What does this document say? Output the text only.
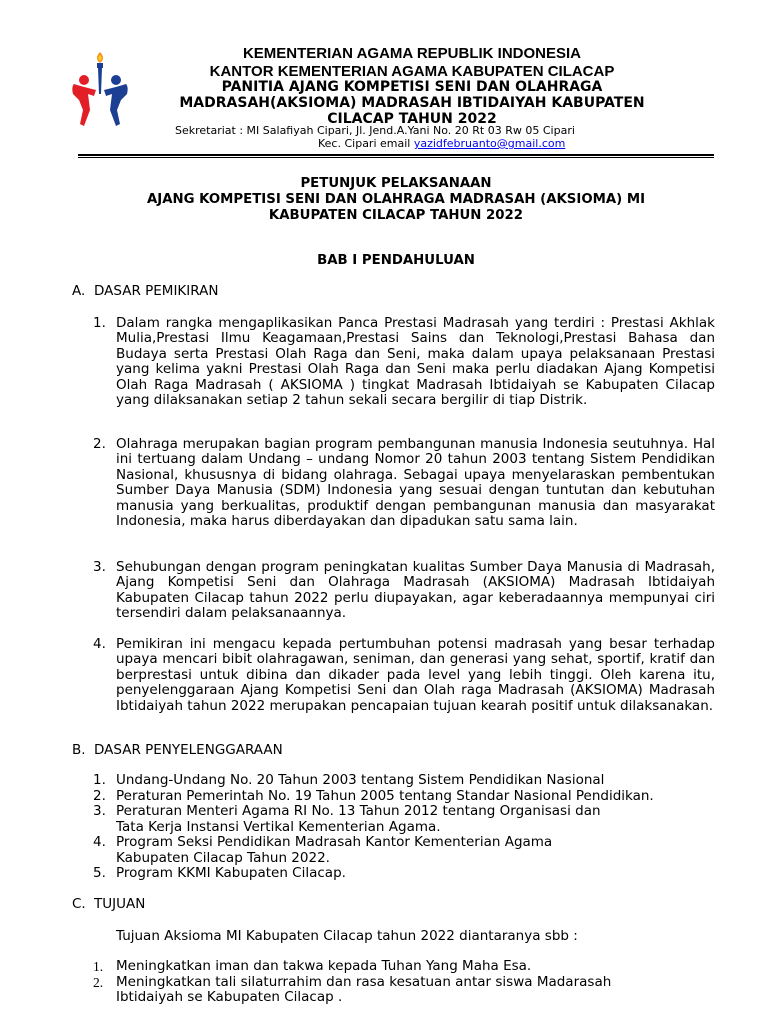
KEMENTERIAN AGAMA REPUBLIK INDONESIA
KANTOR KEMENTERIAN AGAMA KABUPATEN CILACAP
PANITIA AJANG KOMPETISI SENI DAN OLAHRAGA
MADRASAH(AKSIOMA) MADRASAH IBTIDAIYAH KABUPATEN
CILACAP TAHUN 2022
Sekretariat : MI Salafiyah Cipari, Jl. Jend.A.Yani No. 20 Rt 03 Rw 05 Cipari
Kec. Cipari email yazidfebruanto@gmail.com
PETUNJUK PELAKSANAAN
AJANG KOMPETISI SENI DAN OLAHRAGA MADRASAH (AKSIOMA) MI
KABUPATEN CILACAP TAHUN 2022
BAB I PENDAHULUAN
A. DASAR PEMIKIRAN
1. Dalam rangka mengaplikasikan Panca Prestasi Madrasah yang terdiri : Prestasi Akhlak Mulia,Prestasi Ilmu Keagamaan,Prestasi Sains dan Teknologi,Prestasi Bahasa dan Budaya serta Prestasi Olah Raga dan Seni, maka dalam upaya pelaksanaan Prestasi yang kelima yakni Prestasi Olah Raga dan Seni maka perlu diadakan Ajang Kompetisi Olah Raga Madrasah ( AKSIOMA ) tingkat Madrasah Ibtidaiyah se Kabupaten Cilacap yang dilaksanakan setiap 2 tahun sekali secara bergilir di tiap Distrik.
2. Olahraga merupakan bagian program pembangunan manusia Indonesia seutuhnya. Hal ini tertuang dalam Undang – undang Nomor 20 tahun 2003 tentang Sistem Pendidikan Nasional, khususnya di bidang olahraga. Sebagai upaya menyelaraskan pembentukan Sumber Daya Manusia (SDM) Indonesia yang sesuai dengan tuntutan dan kebutuhan manusia yang berkualitas, produktif dengan pembangunan manusia dan masyarakat Indonesia, maka harus diberdayakan dan dipadukan satu sama lain.
3. Sehubungan dengan program peningkatan kualitas Sumber Daya Manusia di Madrasah, Ajang Kompetisi Seni dan Olahraga Madrasah (AKSIOMA) Madrasah Ibtidaiyah Kabupaten Cilacap tahun 2022 perlu diupayakan, agar keberadaannya mempunyai ciri tersendiri dalam pelaksanaannya.
4. Pemikiran ini mengacu kepada pertumbuhan potensi madrasah yang besar terhadap upaya mencari bibit olahragawan, seniman, dan generasi yang sehat, sportif, kratif dan berprestasi untuk dibina dan dikader pada level yang lebih tinggi. Oleh karena itu, penyelenggaraan Ajang Kompetisi Seni dan Olah raga Madrasah (AKSIOMA) Madrasah Ibtidaiyah tahun 2022 merupakan pencapaian tujuan kearah positif untuk dilaksanakan.
B. DASAR PENYELENGGARAAN
1. Undang-Undang No. 20 Tahun 2003 tentang Sistem Pendidikan Nasional
2. Peraturan Pemerintah No. 19 Tahun 2005 tentang Standar Nasional Pendidikan.
3. Peraturan Menteri Agama RI No. 13 Tahun 2012 tentang Organisasi dan
Tata Kerja Instansi Vertikal Kementerian Agama.
4. Program Seksi Pendidikan Madrasah Kantor Kementerian Agama
Kabupaten Cilacap Tahun 2022.
5. Program KKMI Kabupaten Cilacap.
C. TUJUAN
Tujuan Aksioma MI Kabupaten Cilacap tahun 2022 diantaranya sbb :
1. Meningkatkan iman dan takwa kepada Tuhan Yang Maha Esa.
2. Meningkatkan tali silaturrahim dan rasa kesatuan antar siswa Madarasah
Ibtidaiyah se Kabupaten Cilacap .
